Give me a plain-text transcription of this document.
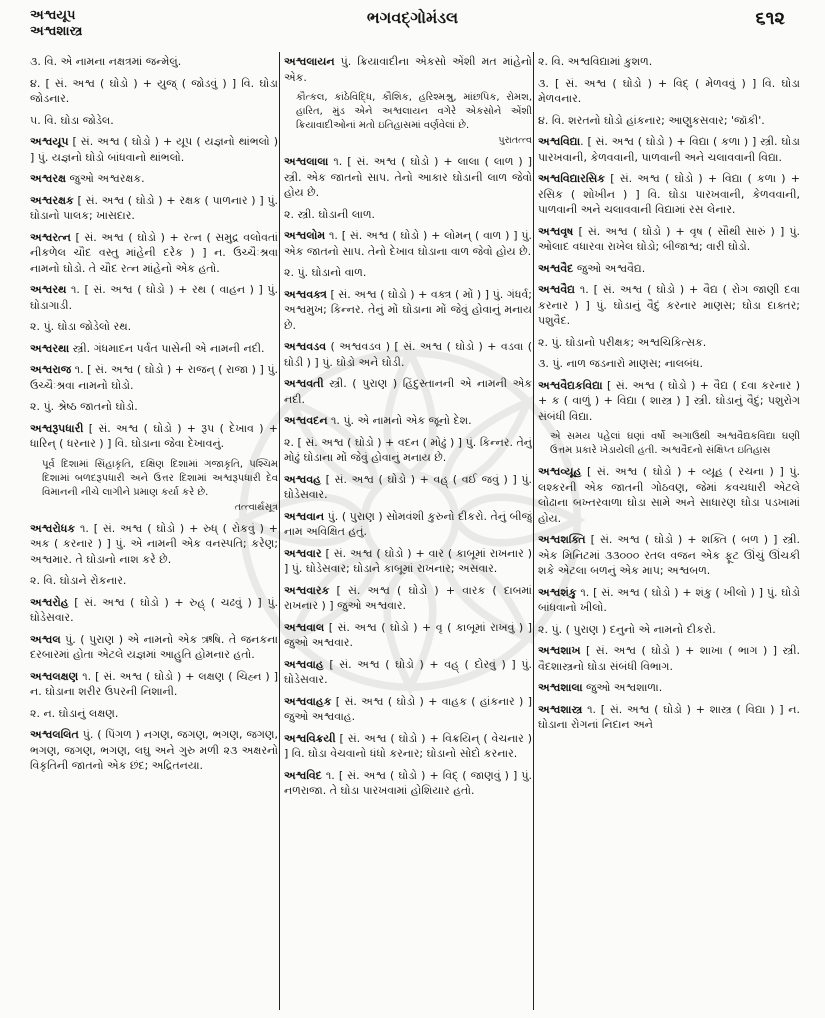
અશ્વયૂપ
અશ્વશાસ્ત્ર
ભગવદ્ગોમંડલ	૬૧૨
૩. વિ. એ નામના નક્ષત્રમાં જન્મેલું.
૪. [ સં. અશ્વ ( ઘોડો ) + યુજ્ ( જોડવું ) ] વિ. ઘોડા જોડનાર.
૫. વિ. ઘોડા જોડેલ.
અશ્વયૂપ [ સં. અશ્વ ( ઘોડો ) + યૂપ ( યજ્ઞનો થાંભલો ) ] પું. યજ્ઞનો ઘોડો બાંધવાનો થાંભલો.
અશ્વરક્ષ જુઓ અશ્વરક્ષક.
અશ્વરક્ષક [ સં. અશ્વ ( ઘોડો ) + રક્ષક ( પાળનાર ) ] પું. ઘોડાનો પાલક; ખાસદાર.
અશ્વરત્ન [ સં. અશ્વ ( ઘોડો ) + રત્ન ( સમુદ્ર વલોવતાં નીકળેલ ચૌદ વસ્તુ માંહેની દરેક ) ] ન. ઉચ્ચૈઃશ્રવા નામનો ઘોડો. તે ચૌદ રત્ન માંહેનો એક હતો.
અશ્વરથ ૧. [ સં. અશ્વ ( ઘોડો ) + રથ ( વાહન ) ] પું. ઘોડાગાડી.
૨. પું. ઘોડા જોડેલો રથ.
અશ્વરથા સ્ત્રી. ગંધમાદન પર્વત પાસેની એ નામની નદી.
અશ્વરાજ ૧. [ સં. અશ્વ ( ઘોડો ) + રાજન્ ( રાજા ) ] પું. ઉચ્ચૈઃશ્રવા નામનો ઘોડો.
૨. પું. શ્રેષ્ઠ જાતનો ઘોડો.
અશ્વરૂપધારી [ સં. અશ્વ ( ઘોડો ) + રૂપ ( દેખાવ ) + ધારિન્ ( ધરનાર ) ] વિ. ઘોડાના જેવા દેખાવનું.
પૂર્વ દિશામાં સિંહાકૃતિ, દક્ષિણ દિશામાં ગજાકૃતિ, પશ્ચિમ દિશામાં બળદરૂપધારી અને ઉત્તર દિશામાં અશ્વરૂપધારી દેવ વિમાનની નીચે લાગીને પ્રમાણ કર્યા કરે છે.
તત્ત્વાર્થસૂત્ર
અશ્વરોધક ૧. [ સં. અશ્વ ( ઘોડો ) + રુધ્ ( રોકવું ) + અક ( કરનાર ) ] પું. એ નામની એક વનસ્પતિ; કરેણ; અશ્વમાર. તે ઘોડાનો નાશ કરે છે.
૨. વિ. ઘોડાને રોકનાર.
અશ્વરોહ [ સં. અશ્વ ( ઘોડો ) + રુહ્ ( ચઢવું ) ] પું. ઘોડેસવાર.
અશ્વલ પું. ( પુરાણ ) એ નામનો એક ઋષિ. તે જનકના દરબારમાં હોતા એટલે યજ્ઞમાં આહુતિ હોમનાર હતો.
અશ્વલક્ષણ ૧. [ સં. અશ્વ ( ઘોડો ) + લક્ષણ ( ચિહ્ન ) ] ન. ઘોડાના શરીર ઉપરની નિશાની.
૨. ન. ઘોડાનું લક્ષણ.
અશ્વલલિત પું. ( પિંગળ ) નગણ, જગણ, ભગણ, જગણ, ભગણ, જગણ, ભગણ, લઘુ અને ગુરુ મળી ૨૩ અક્ષરનો વિકૃતિની જાતનો એક છંદ; અદ્રિતનયા.
અશ્વલાયન પું. ક્રિયાવાદીના એકસો એંશી મત માંહેનો એક.
કૌત્કલ, કાંઠેવિદ્ધિ, કૌશિક, હરિશ્મશ્રુ, માંછપિક, રોમશ, હારિત, મુંડ એને અશ્વલાયન વગેરે એકસોને એંશી ક્રિયાવાદીઓનાં મતો ઇતિહાસમાં વર્ણવેલાં છે.
પુરાતત્ત્વ
અશ્વલાલા ૧. [ સં. અશ્વ ( ઘોડો ) + લાલા ( લાળ ) ] સ્ત્રી. એક જાતનો સાપ. તેનો આકાર ઘોડાની લાળ જેવો હોય છે.
૨. સ્ત્રી. ઘોડાની લાળ.
અશ્વલોમ ૧. [ સં. અશ્વ ( ઘોડો ) + લોમન્ ( વાળ ) ] પું. એક જાતનો સાપ. તેનો દેખાવ ઘોડાના વાળ જેવો હોય છે.
૨. પું. ઘોડાનો વાળ.
અશ્વવક્ત્ર [ સં. અશ્વ ( ઘોડો ) + વક્ત્ર ( મોં ) ] પું. ગંધર્વ; અશ્વમુખ; કિન્નર. તેનું મોં ઘોડાના મોં જેવું હોવાનું મનાય છે.
અશ્વવડવ ( અશ્વવડવ ) [ સં. અશ્વ ( ઘોડો ) + વડવા ( ઘોડી ) ] પું. ઘોડો અને ઘોડી.
અશ્વવતી સ્ત્રી. ( પુરાણ ) હિંદુસ્તાનની એ નામની એક નદી.
અશ્વવદન ૧. પું. એ નામનો એક જૂનો દેશ.
૨. [ સં. અશ્વ ( ઘોડો ) + વદન ( મોઢું ) ] પું. કિન્નર. તેનું મોઢું ઘોડાના મોં જેવું હોવાનું મનાય છે.
અશ્વવહ [ સં. અશ્વ ( ઘોડો ) + વહ્ ( વઈ જવું ) ] પું. ઘોડેસવાર.
અશ્વવાન પું. ( પુરાણ ) સોમવંશી કુરુનો દીકરો. તેનું બીજું નામ અવિક્ષિત હતું.
અશ્વવાર [ સં. અશ્વ ( ઘોડો ) + વાર ( કાબૂમાં રાખનાર ) ] પું. ઘોડેસવાર; ઘોડાને કાબૂમાં રાખનાર; અસવાર.
અશ્વવારક [ સં. અશ્વ ( ઘોડો ) + વારક ( દાબમાં રાખનાર ) ] જુઓ અશ્વવાર.
અશ્વવાલ [ સં. અશ્વ ( ઘોડો ) + વૃ ( કાબૂમાં રાખવું ) ] જુઓ અશ્વવાર.
અશ્વવાહ [ સં. અશ્વ ( ઘોડો ) + વહ્ ( દોરવું ) ] પું. ઘોડેસવાર.
અશ્વવાહક [ સં. અશ્વ ( ઘોડો ) + વાહક ( હાંકનાર ) ] જુઓ અશ્વવાહ.
અશ્વવિક્રયી [ સં. અશ્વ ( ઘોડો ) + વિક્રયિન્ ( વેચનાર ) ] વિ. ઘોડા વેચવાનો ધંધો કરનાર; ઘોડાનો સોદો કરનાર.
અશ્વવિદ ૧. [ સં. અશ્વ ( ઘોડો ) + વિદ્ ( જાણવું ) ] પું. નળરાજા. તે ઘોડા પારખવામાં હોશિયાર હતો.
૨. વિ. અશ્વવિદ્યામાં કુશળ.
૩. [ સં. અશ્વ ( ઘોડો ) + વિદ્ ( મેળવવું ) ] વિ. ઘોડા મેળવનાર.
૪. વિ. શરતનો ઘોડો હાંકનાર; આણુકસવાર; 'જૉકી'.
અશ્વવિદ્યા. [ સં. અશ્વ ( ઘોડો ) + વિદ્યા ( કળા ) ] સ્ત્રી. ઘોડા પારખવાની, કેળવવાની, પાળવાની અને ચલાવવાની વિદ્યા.
અશ્વવિદ્યારસિક [ સં. અશ્વ ( ઘોડો ) + વિદ્યા ( કળા ) + રસિક ( શોખીન ) ] વિ. ઘોડા પારખવાની, કેળવવાની, પાળવાની અને ચલાવવાની વિદ્યામાં રસ લેનાર.
અશ્વવૃષ [ સં. અશ્વ ( ઘોડો ) + વૃષ ( સૌથી સારું ) ] પું. ઓલાદ વધારવા રાખેલ ઘોડો; બીજાશ્વ; વારી ઘોડો.
અશ્વવૈદ જુઓ અશ્વવૈદ્ય.
અશ્વવૈદ્ય ૧. [ સં. અશ્વ ( ઘોડો ) + વૈદ્ય ( રોગ જાણી દવા કરનાર ) ] પું. ઘોડાનું વૈદું કરનાર માણસ; ઘોડા દાક્તર; પશુવૈદ.
૨. પું. ઘોડાનો પરીક્ષક; અશ્વચિકિત્સક.
૩. પું. નાળ જડનારો માણસ; નાલબંધ.
અશ્વવૈદ્યકવિદ્યા [ સં. અશ્વ ( ઘોડો ) + વૈદ્ય ( દવા કરનાર ) + ક ( વાળું ) + વિદ્યા ( શાસ્ત્ર ) ] સ્ત્રી. ઘોડાનું વૈદું; પશુરોગ સંબંધી વિદ્યા.
એ સમય પહેલાં ઘણાં વર્ષો અગાઉથી અશ્વવૈદ્યકવિદ્યા ઘણી ઉત્તમ પ્રકારે ખેડાયેલી હતી. અશ્વવૈદનો સંક્ષિપ્ત ઇતિહાસ
અશ્વવ્યૂહ [ સં. અશ્વ ( ઘોડો ) + વ્યૂહ ( રચના ) ] પું. લશ્કરની એક જાતની ગોઠવણ, જેમાં કવચધારી એટલે લોઢાના બખ્તરવાળા ઘોડા સામે અને સાધારણ ઘોડા પડખામાં હોય.
અશ્વશક્તિ [ સં. અશ્વ ( ઘોડો ) + શક્તિ ( બળ ) ] સ્ત્રી. એક મિનિટમાં ૩૩૦૦૦ રતલ વજન એક ફૂટ ઊંચું ઊંચકી શકે એટલા બળનું એક માપ; અશ્વબળ.
અશ્વશંકુ ૧. [ સં. અશ્વ ( ઘોડો ) + શંકુ ( ખીલો ) ] પું. ઘોડો બાંધવાનો ખીલો.
૨. પું. ( પુરાણ ) દનુનો એ નામનો દીકરો.
અશ્વશાખ [ સં. અશ્વ ( ઘોડો ) + શાખા ( ભાગ ) ] સ્ત્રી. વૈદશાસ્ત્રનો ઘોડા સંબંધી વિભાગ.
અશ્વશાલા જુઓ અશ્વશાળા.
અશ્વશાસ્ત્ર ૧. [ સં. અશ્વ ( ઘોડો ) + શાસ્ત્ર ( વિદ્યા ) ] ન. ઘોડાના રોગનાં નિદાન અને
